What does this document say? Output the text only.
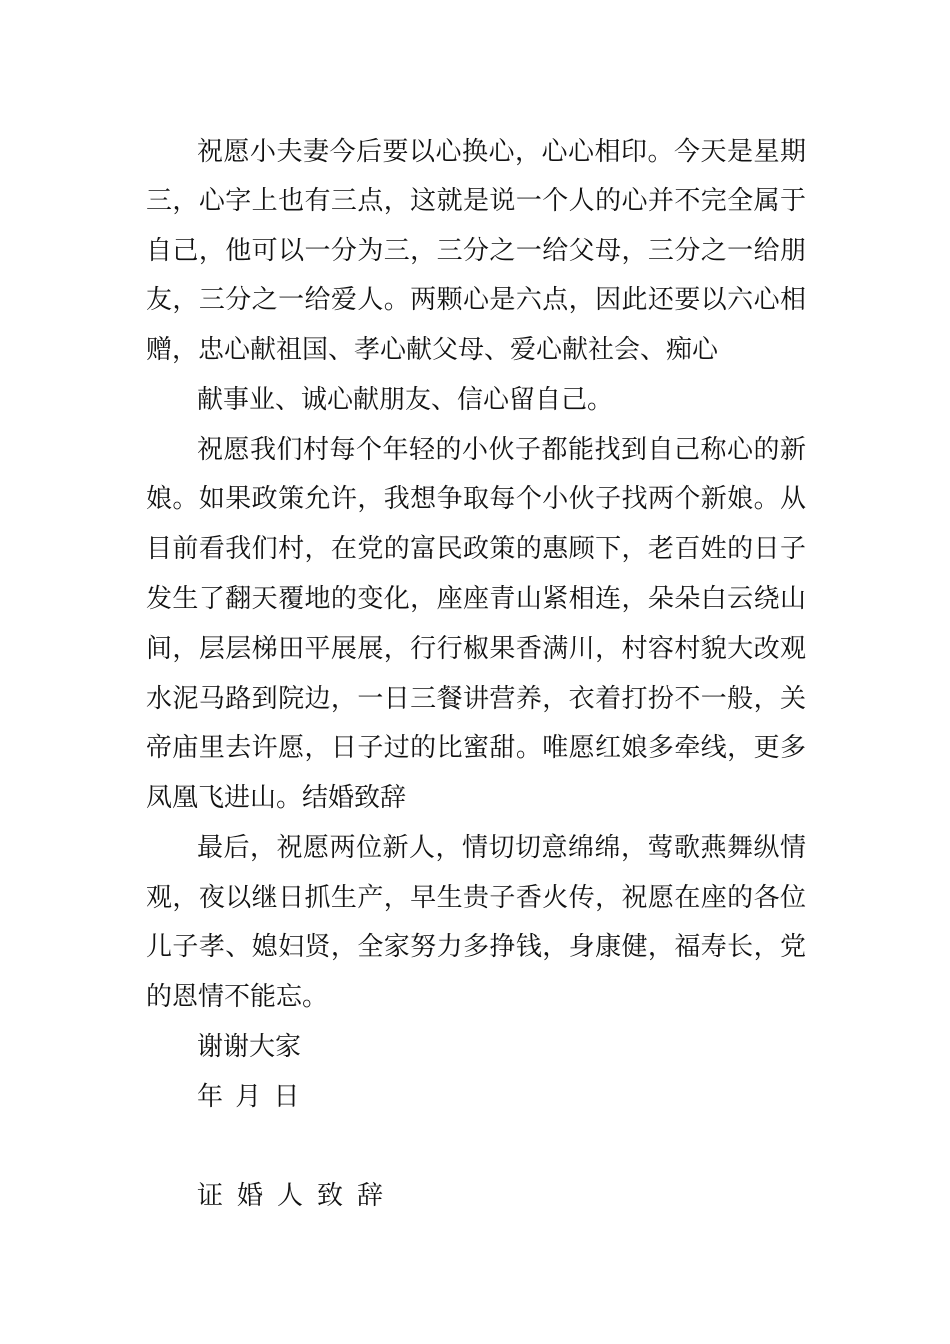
祝愿小夫妻今后要以心换心，心心相印。今天是星期
三，心字上也有三点，这就是说一个人的心并不完全属于
自己，他可以一分为三，三分之一给父母，三分之一给朋
友，三分之一给爱人。两颗心是六点，因此还要以六心相
赠，忠心献祖国、孝心献父母、爱心献社会、痴心
献事业、诚心献朋友、信心留自己。
祝愿我们村每个年轻的小伙子都能找到自己称心的新
娘。如果政策允许，我想争取每个小伙子找两个新娘。从
目前看我们村，在党的富民政策的惠顾下，老百姓的日子
发生了翻天覆地的变化，座座青山紧相连，朵朵白云绕山
间，层层梯田平展展，行行椒果香满川，村容村貌大改观
水泥马路到院边，一日三餐讲营养，衣着打扮不一般，关
帝庙里去许愿，日子过的比蜜甜。唯愿红娘多牵线，更多
凤凰飞进山。结婚致辞
最后，祝愿两位新人，情切切意绵绵，莺歌燕舞纵情
观，夜以继日抓生产，早生贵子香火传，祝愿在座的各位
儿子孝、媳妇贤，全家努力多挣钱，身康健，福寿长，党
的恩情不能忘。
谢谢大家
年 月 日
证婚人致辞
